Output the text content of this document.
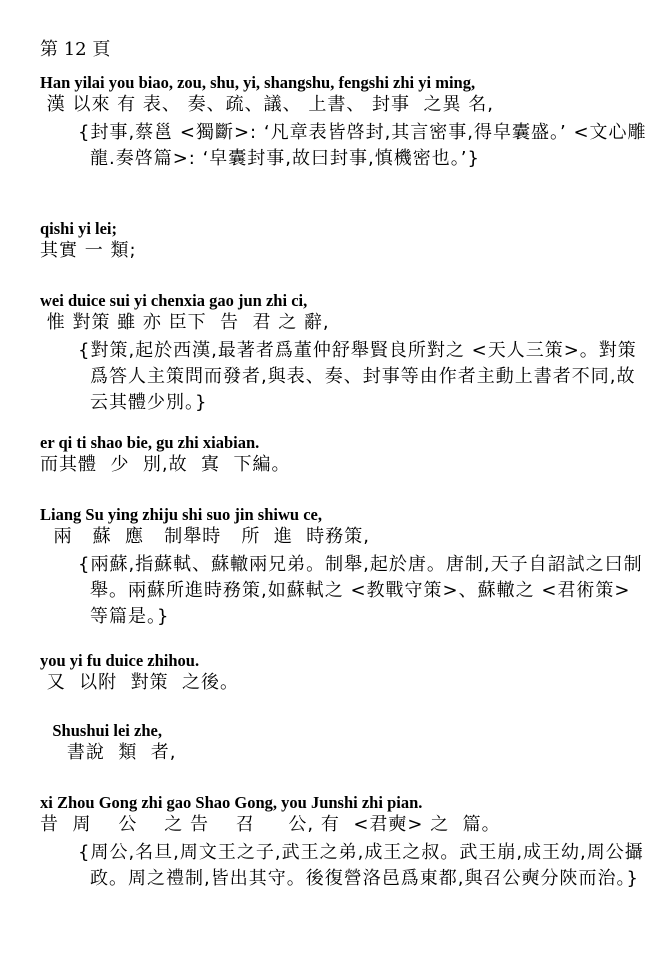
第 12 頁
Han yilai you biao, zou, shu, yi, shangshu, fengshi zhi yi ming,
漢 以來 有 表、 奏、疏、議、 上書、 封事  之異 名,
{封事,蔡邕 <獨斷>: ‘凡章表皆啓封,其言密事,得皁囊盛。’ <文心雕龍.奏啓篇>: ‘皁囊封事,故曰封事,慎機密也。’}
qishi yi lei;
其實 一 類;
wei duice sui yi chenxia gao jun zhi ci,
惟 對策 雖 亦 臣下  告  君 之 辭,
{對策,起於西漢,最著者爲董仲舒舉賢良所對之 <天人三策>。對策爲答人主策問而發者,與表、奏、封事等由作者主動上書者不同,故云其體少別。}
er qi ti shao bie, gu zhi xiabian.
而其體  少  別,故  寘  下編。
Liang Su ying zhiju shi suo jin shiwu ce,
兩   蘇  應   制舉時   所  進  時務策,
{兩蘇,指蘇軾、蘇轍兩兄弟。制舉,起於唐。唐制,天子自詔試之曰制舉。兩蘇所進時務策,如蘇軾之 <教戰守策>、蘇轍之 <君術策> 等篇是。}
you yi fu duice zhihou.
又  以附  對策  之後。
Shushui lei zhe,
書說  類  者,
xi Zhou Gong zhi gao Shao Gong, you Junshi zhi pian.
昔  周    公    之 告    召     公, 有  <君奭> 之  篇。
{周公,名旦,周文王之子,武王之弟,成王之叔。武王崩,成王幼,周公攝政。周之禮制,皆出其守。後復營洛邑爲東都,與召公奭分陝而治。}
